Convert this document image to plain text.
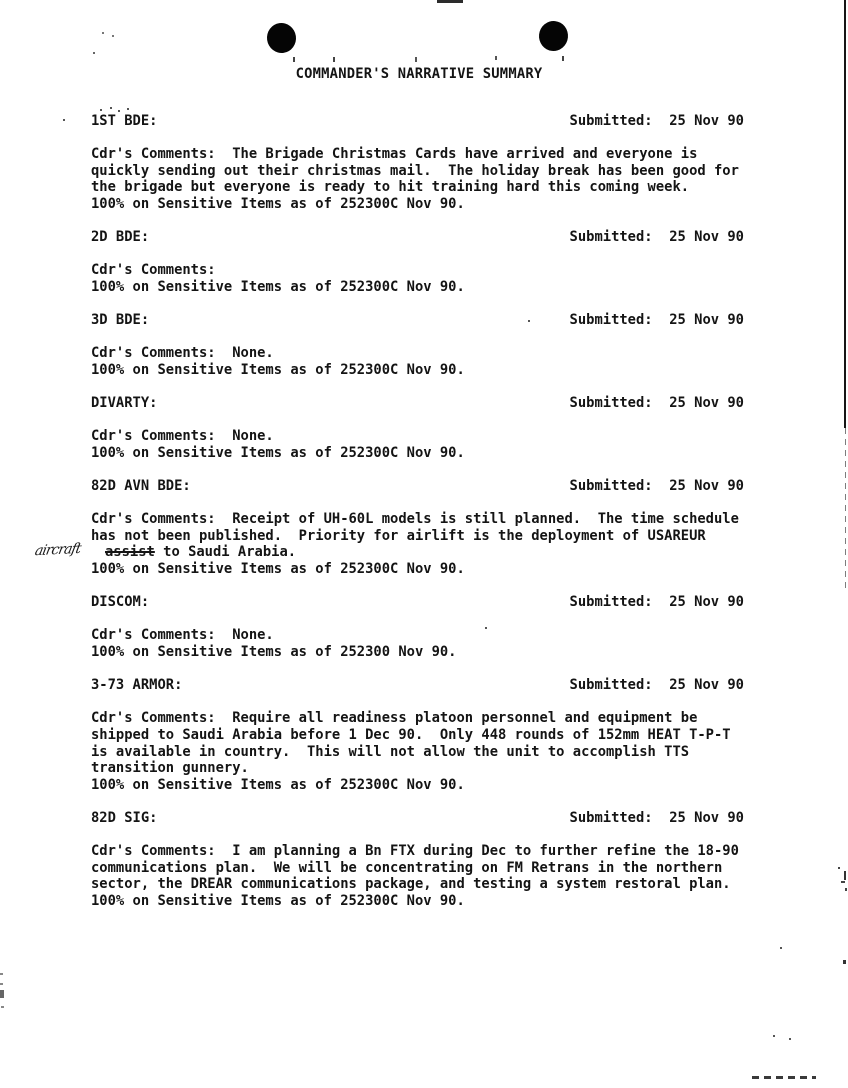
COMMANDER'S NARRATIVE SUMMARY
1ST BDE:	Submitted: 25 Nov 90
Cdr's Comments:  The Brigade Christmas Cards have arrived and everyone is
quickly sending out their christmas mail.  The holiday break has been good for
the brigade but everyone is ready to hit training hard this coming week.
100% on Sensitive Items as of 252300C Nov 90.
2D BDE:	Submitted: 25 Nov 90
Cdr's Comments:
100% on Sensitive Items as of 252300C Nov 90.
3D BDE:	Submitted: 25 Nov 90
Cdr's Comments:  None.
100% on Sensitive Items as of 252300C Nov 90.
DIVARTY:	Submitted: 25 Nov 90
Cdr's Comments:  None.
100% on Sensitive Items as of 252300C Nov 90.
82D AVN BDE:	Submitted: 25 Nov 90
Cdr's Comments:  Receipt of UH-60L models is still planned.  The time schedule
has not been published.  Priority for airlift is the deployment of USAREUR
aircraft assist to Saudi Arabia.
100% on Sensitive Items as of 252300C Nov 90.
DISCOM:	Submitted: 25 Nov 90
Cdr's Comments:  None.
100% on Sensitive Items as of 252300 Nov 90.
3-73 ARMOR:	Submitted: 25 Nov 90
Cdr's Comments:  Require all readiness platoon personnel and equipment be
shipped to Saudi Arabia before 1 Dec 90.  Only 448 rounds of 152mm HEAT T-P-T
is available in country.  This will not allow the unit to accomplish TTS
transition gunnery.
100% on Sensitive Items as of 252300C Nov 90.
82D SIG:	Submitted: 25 Nov 90
Cdr's Comments:  I am planning a Bn FTX during Dec to further refine the 18-90
communications plan.  We will be concentrating on FM Retrans in the northern
sector, the DREAR communications package, and testing a system restoral plan.
100% on Sensitive Items as of 252300C Nov 90.
